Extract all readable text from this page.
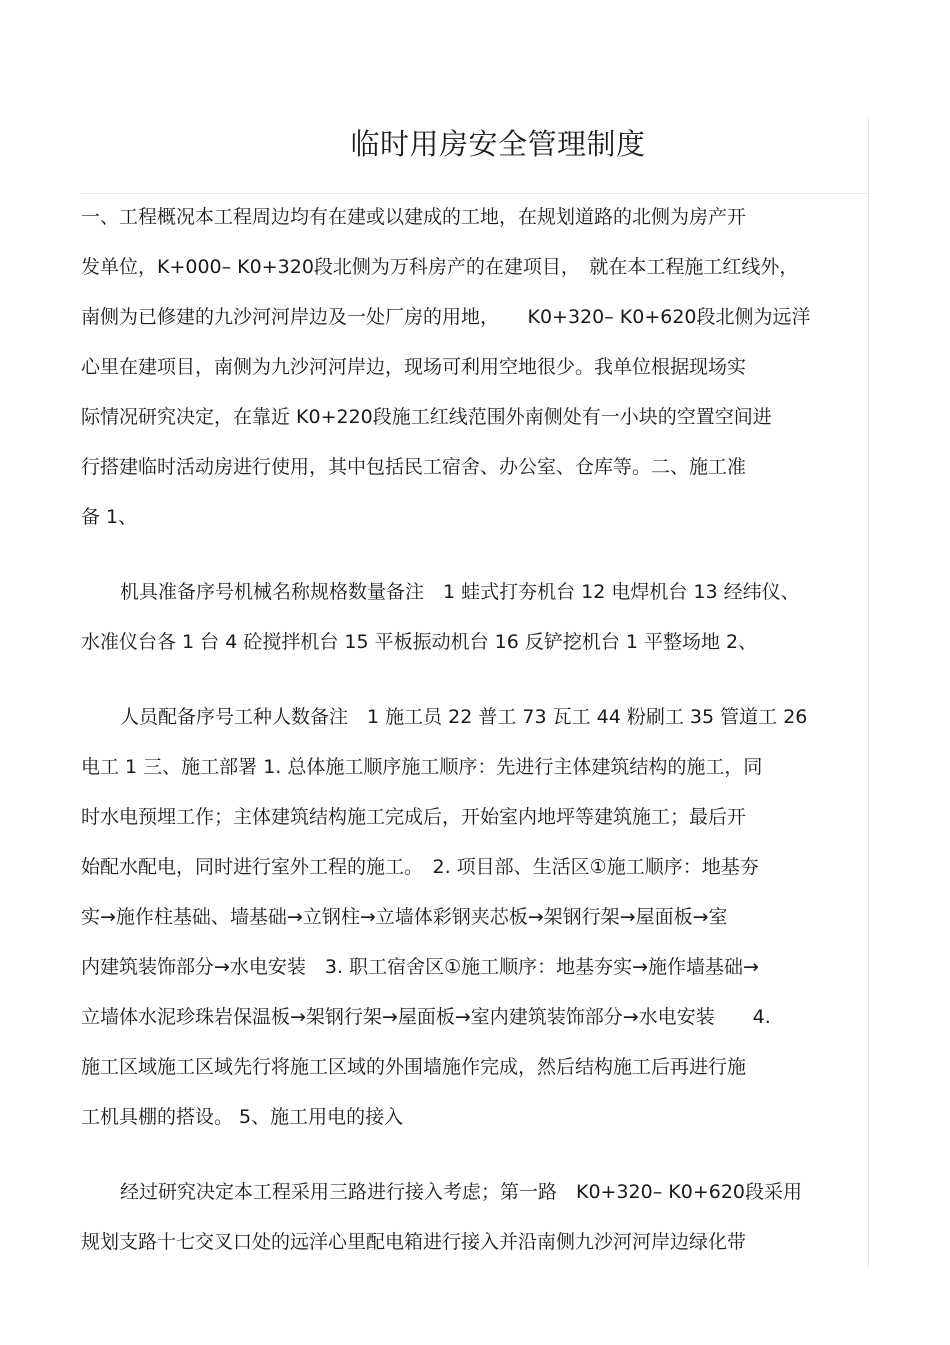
临时用房安全管理制度
一、工程概况本工程周边均有在建或以建成的工地，在规划道路的北侧为房产开
发单位，K+000– K0+320段北侧为万科房产的在建项目，　就在本工程施工红线外，
南侧为已修建的九沙河河岸边及一处厂房的用地，　　K0+320– K0+620段北侧为远洋
心里在建项目，南侧为九沙河河岸边，现场可利用空地很少。我单位根据现场实
际情况研究决定，在靠近 K0+220段施工红线范围外南侧处有一小块的空置空间进
行搭建临时活动房进行使用，其中包括民工宿舍、办公室、仓库等。二、施工准
备 1、
机具准备序号机械名称规格数量备注　1 蛙式打夯机台 12 电焊机台 13 经纬仪、
水准仪台各 1 台 4 砼搅拌机台 15 平板振动机台 16 反铲挖机台 1 平整场地 2、
人员配备序号工种人数备注　1 施工员 22 普工 73 瓦工 44 粉刷工 35 管道工 26
电工 1 三、施工部署 1. 总体施工顺序施工顺序：先进行主体建筑结构的施工，同
时水电预埋工作；主体建筑结构施工完成后，开始室内地坪等建筑施工；最后开
始配水配电，同时进行室外工程的施工。　2. 项目部、生活区①施工顺序：地基夯
实→施作柱基础、墙基础→立钢柱→立墙体彩钢夹芯板→架钢行架→屋面板→室
内建筑装饰部分→水电安装　3. 职工宿舍区①施工顺序：地基夯实→施作墙基础→
立墙体水泥珍珠岩保温板→架钢行架→屋面板→室内建筑装饰部分→水电安装　　4.
施工区域施工区域先行将施工区域的外围墙施作完成，然后结构施工后再进行施
工机具棚的搭设。 5、施工用电的接入
经过研究决定本工程采用三路进行接入考虑；第一路　K0+320– K0+620段采用
规划支路十七交叉口处的远洋心里配电箱进行接入并沿南侧九沙河河岸边绿化带
